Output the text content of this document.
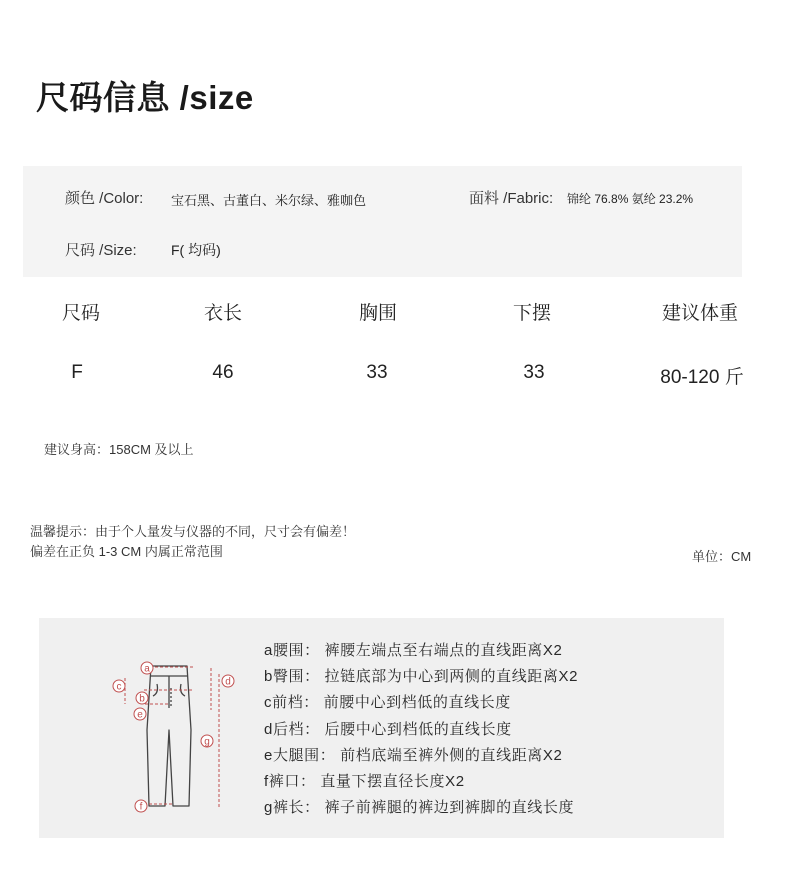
尺码信息 /size
颜色 /Color: 宝石黑、古董白、米尔绿、雅咖色	面料 /Fabric: 锦纶 76.8% 氨纶 23.2%
尺码 /Size: F( 均码)
尺码	衣长	胸围	下摆	建议体重
F	46	33	33	80-120 斤
建议身高：158CM 及以上
温馨提示：由于个人量发与仪器的不同，尺寸会有偏差！
偏差在正负 1-3 CM 内属正常范围	单位：CM
a
b
c	d
e
f
g
a腰围： 裤腰左端点至右端点的直线距离X2
b臀围： 拉链底部为中心到两侧的直线距离X2
c前档： 前腰中心到档低的直线长度
d后档： 后腰中心到档低的直线长度
e大腿围： 前档底端至裤外侧的直线距离X2
f裤口： 直量下摆直径长度X2
g裤长： 裤子前裤腿的裤边到裤脚的直线长度
